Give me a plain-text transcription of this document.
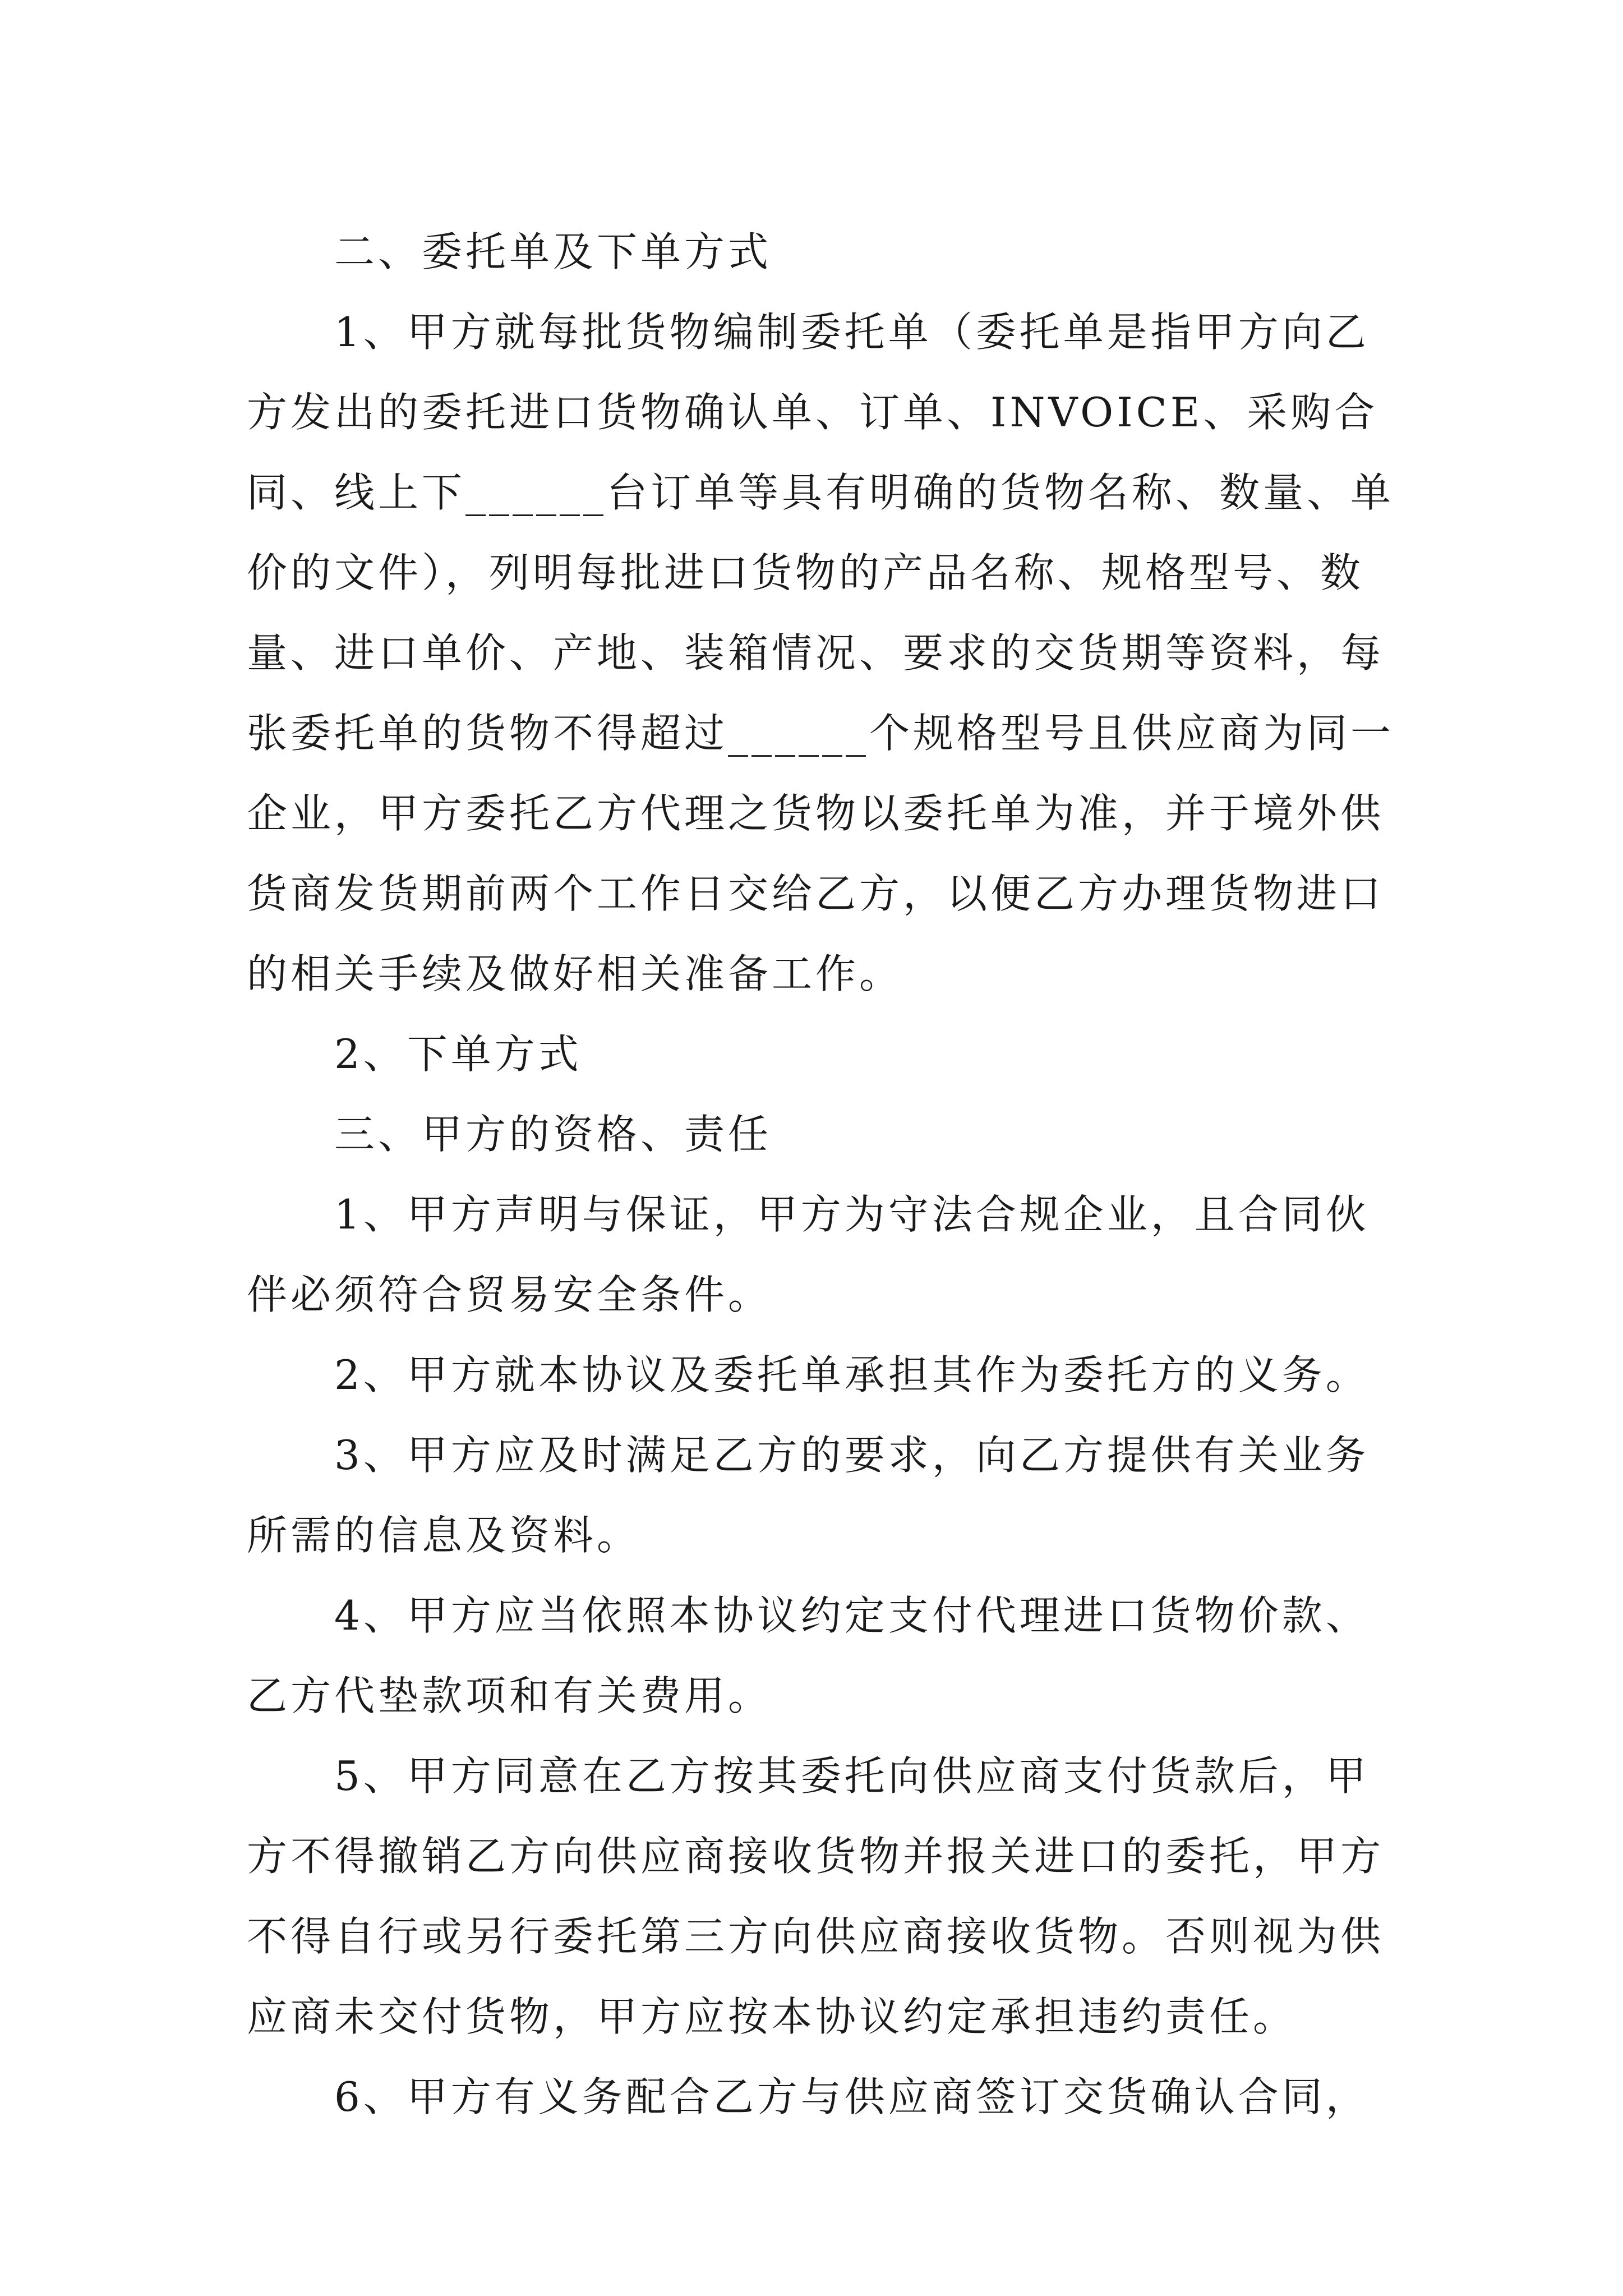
二、委托单及下单方式

1、甲方就每批货物编制委托单（委托单是指甲方向乙方发出的委托进口货物确认单、订单、INVOICE、采购合同、线上下______台订单等具有明确的货物名称、数量、单价的文件），列明每批进口货物的产品名称、规格型号、数量、进口单价、产地、装箱情况、要求的交货期等资料，每张委托单的货物不得超过______个规格型号且供应商为同一企业，甲方委托乙方代理之货物以委托单为准，并于境外供货商发货期前两个工作日交给乙方，以便乙方办理货物进口的相关手续及做好相关准备工作。

2、下单方式

三、甲方的资格、责任

1、甲方声明与保证，甲方为守法合规企业，且合同伙伴必须符合贸易安全条件。

2、甲方就本协议及委托单承担其作为委托方的义务。

3、甲方应及时满足乙方的要求，向乙方提供有关业务所需的信息及资料。

4、甲方应当依照本协议约定支付代理进口货物价款、乙方代垫款项和有关费用。

5、甲方同意在乙方按其委托向供应商支付货款后，甲方不得撤销乙方向供应商接收货物并报关进口的委托，甲方不得自行或另行委托第三方向供应商接收货物。否则视为供应商未交付货物，甲方应按本协议约定承担违约责任。

6、甲方有义务配合乙方与供应商签订交货确认合同，
